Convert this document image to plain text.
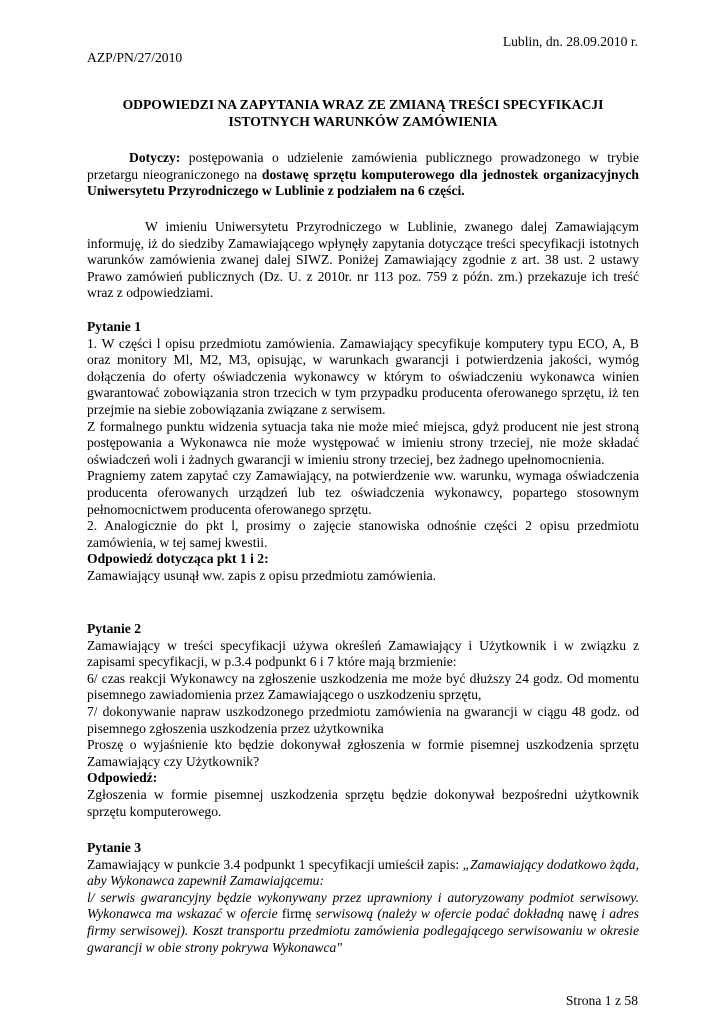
Lublin, dn. 28.09.2010 r.
AZP/PN/27/2010
ODPOWIEDZI NA ZAPYTANIA WRAZ ZE ZMIANĄ TREŚCI SPECYFIKACJI
ISTOTNYCH WARUNKÓW ZAMÓWIENIA

Dotyczy: postępowania o udzielenie zamówienia publicznego prowadzonego w trybie przetargu nieograniczonego na dostawę sprzętu komputerowego dla jednostek organizacyjnych Uniwersytetu Przyrodniczego w Lublinie z podziałem na 6 części.

W imieniu Uniwersytetu Przyrodniczego w Lublinie, zwanego dalej Zamawiającym informuję, iż do siedziby Zamawiającego wpłynęły zapytania dotyczące treści specyfikacji istotnych warunków zamówienia zwanej dalej SIWZ. Poniżej Zamawiający zgodnie z art. 38 ust. 2 ustawy Prawo zamówień publicznych (Dz. U. z 2010r. nr 113 poz. 759 z późn. zm.) przekazuje ich treść wraz z odpowiedziami.

Pytanie 1

1. W części l opisu przedmiotu zamówienia. Zamawiający specyfikuje komputery typu ECO, A, B oraz monitory Ml, M2, M3, opisując, w warunkach gwarancji i potwierdzenia jakości, wymóg dołączenia do oferty oświadczenia wykonawcy w którym to oświadczeniu wykonawca winien gwarantować zobowiązania stron trzecich w tym przypadku producenta oferowanego sprzętu, iż ten przejmie na siebie zobowiązania związane z serwisem.

Z formalnego punktu widzenia sytuacja taka nie może mieć miejsca, gdyż producent nie jest stroną postępowania a Wykonawca nie może występować w imieniu strony trzeciej, nie może składać oświadczeń woli i żadnych gwarancji w imieniu strony trzeciej, bez żadnego upełnomocnienia.

Pragniemy zatem zapytać czy Zamawiający, na potwierdzenie ww. warunku, wymaga oświadczenia producenta oferowanych urządzeń lub tez oświadczenia wykonawcy, popartego stosownym pełnomocnictwem producenta oferowanego sprzętu.

2. Analogicznie do pkt l, prosimy o zajęcie stanowiska odnośnie części 2 opisu przedmiotu zamówienia, w tej samej kwestii.

Odpowiedź dotycząca pkt 1 i 2:

Zamawiający usunął ww. zapis z opisu przedmiotu zamówienia.

Pytanie 2

Zamawiający w treści specyfikacji używa określeń Zamawiający i Użytkownik i w związku z zapisami specyfikacji, w p.3.4 podpunkt 6 i 7 które mają brzmienie:

6/ czas reakcji Wykonawcy na zgłoszenie uszkodzenia me może być dłuższy 24 godz. Od momentu pisemnego zawiadomienia przez Zamawiającego o uszkodzeniu sprzętu,

7/ dokonywanie napraw uszkodzonego przedmiotu zamówienia na gwarancji w ciągu 48 godz. od pisemnego zgłoszenia uszkodzenia przez użytkownika

Proszę o wyjaśnienie kto będzie dokonywał zgłoszenia w formie pisemnej uszkodzenia sprzętu Zamawiający czy Użytkownik?

Odpowiedź:

Zgłoszenia w formie pisemnej uszkodzenia sprzętu będzie dokonywał bezpośredni użytkownik sprzętu komputerowego.

Pytanie 3

Zamawiający w punkcie 3.4 podpunkt 1 specyfikacji umieścił zapis: „Zamawiający dodatkowo żąda, aby Wykonawca zapewnił Zamawiającemu:

l/ serwis gwarancyjny będzie wykonywany przez uprawniony i autoryzowany podmiot serwisowy. Wykonawca ma wskazać w ofercie firmę serwisową (należy w ofercie podać dokładną nawę i adres firmy serwisowej). Koszt transportu przedmiotu zamówienia podlegającego serwisowaniu w okresie gwarancji w obie strony pokrywa Wykonawca"

Strona 1 z 58
